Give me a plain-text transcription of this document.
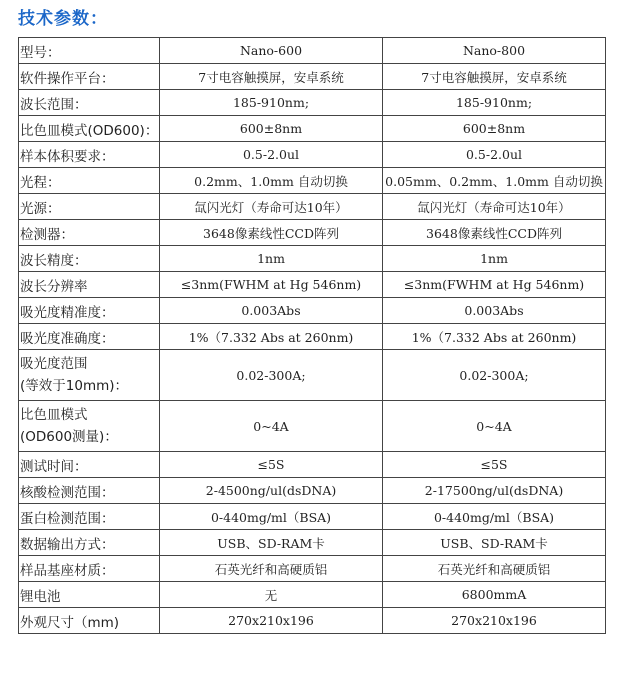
技术参数：
型号：	Nano-600	Nano-800
软件操作平台：	7寸电容触摸屏，安卓系统	7寸电容触摸屏，安卓系统
波长范围：	185-910nm;	185-910nm;
比色皿模式(OD600)：	600±8nm	600±8nm
样本体积要求：	0.5-2.0ul	0.5-2.0ul
光程：	0.2mm、1.0mm 自动切换	0.05mm、0.2mm、1.0mm 自动切换
光源：	氙闪光灯（寿命可达10年）	氙闪光灯（寿命可达10年）
检测器：	3648像素线性CCD阵列	3648像素线性CCD阵列
波长精度：	1nm	1nm
波长分辨率	≤3nm(FWHM at Hg 546nm)	≤3nm(FWHM at Hg 546nm)
吸光度精准度：	0.003Abs	0.003Abs
吸光度准确度：	1%（7.332 Abs at 260nm)	1%（7.332 Abs at 260nm)

吸光度范围
(等效于10mm)：	0.02-300A;	0.02-300A;

比色皿模式
(OD600测量)：	0~4A	0~4A
测试时间：	≤5S	≤5S
核酸检测范围：	2-4500ng/ul(dsDNA)	2-17500ng/ul(dsDNA)
蛋白检测范围：	0-440mg/ml（BSA)	0-440mg/ml（BSA)
数据输出方式：	USB、SD-RAM卡	USB、SD-RAM卡
样品基座材质：	石英光纤和高硬质铝	石英光纤和高硬质铝
锂电池	无	6800mmA
外观尺寸（mm)	270x210x196	270x210x196
